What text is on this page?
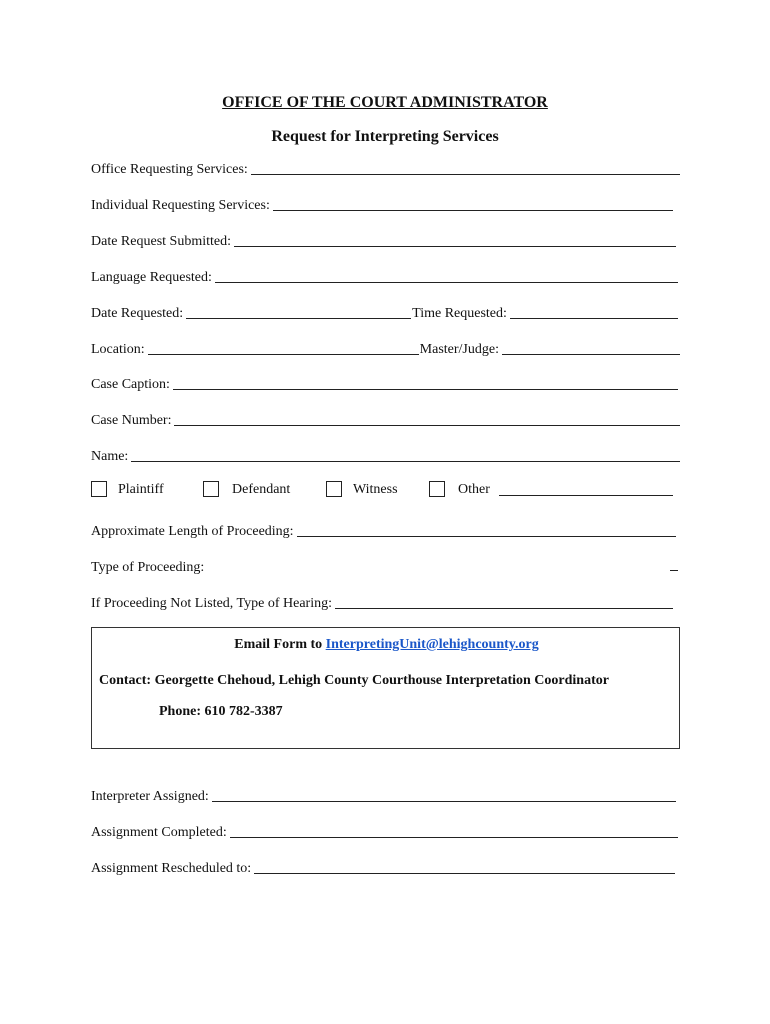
OFFICE OF THE COURT ADMINISTRATOR
Request for Interpreting Services
Office Requesting Services:
Individual Requesting Services:
Date Request Submitted:
Language Requested:
Date Requested:	Time Requested:
Location:	Master/Judge:
Case Caption:
Case Number:
Name:
Plaintiff	Defendant	Witness	Other
Approximate Length of Proceeding:
Type of Proceeding:
If Proceeding Not Listed, Type of Hearing:
Email Form to InterpretingUnit@lehighcounty.org
Contact: Georgette Chehoud, Lehigh County Courthouse Interpretation Coordinator
Phone: 610 782-3387
Interpreter Assigned:
Assignment Completed:
Assignment Rescheduled to:
